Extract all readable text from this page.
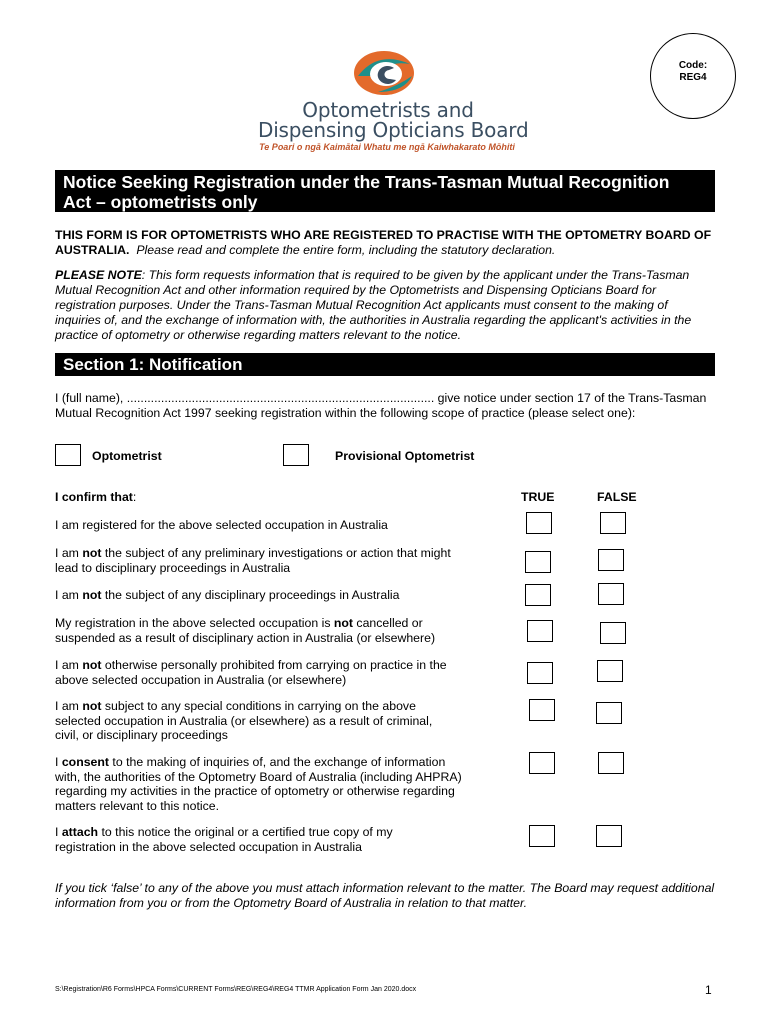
Code:
REG4
Optometrists and
Dispensing Opticians Board
Te Poari o ngā Kaimātai Whatu me ngā Kaiwhakarato Mōhiti
Notice Seeking Registration under the Trans-Tasman Mutual Recognition
Act – optometrists only
THIS FORM IS FOR OPTOMETRISTS WHO ARE REGISTERED TO PRACTISE WITH THE OPTOMETRY BOARD OF AUSTRALIA. Please read and complete the entire form, including the statutory declaration.
PLEASE NOTE: This form requests information that is required to be given by the applicant under the Trans-Tasman Mutual Recognition Act and other information required by the Optometrists and Dispensing Opticians Board for registration purposes. Under the Trans-Tasman Mutual Recognition Act applicants must consent to the making of inquiries of, and the exchange of information with, the authorities in Australia regarding the applicant's activities in the practice of optometry or otherwise regarding matters relevant to the notice.
Section 1: Notification
I (full name), .......................................................................................... give notice under section 17 of the Trans-Tasman Mutual Recognition Act 1997 seeking registration within the following scope of practice (please select one):
Optometrist	Provisional Optometrist
I confirm that:	TRUE	FALSE
I am registered for the above selected occupation in Australia
I am not the subject of any preliminary investigations or action that might lead to disciplinary proceedings in Australia
I am not the subject of any disciplinary proceedings in Australia
My registration in the above selected occupation is not cancelled or suspended as a result of disciplinary action in Australia (or elsewhere)
I am not otherwise personally prohibited from carrying on practice in the above selected occupation in Australia (or elsewhere)
I am not subject to any special conditions in carrying on the above selected occupation in Australia (or elsewhere) as a result of criminal, civil, or disciplinary proceedings
I consent to the making of inquiries of, and the exchange of information with, the authorities of the Optometry Board of Australia (including AHPRA) regarding my activities in the practice of optometry or otherwise regarding matters relevant to this notice.
I attach to this notice the original or a certified true copy of my registration in the above selected occupation in Australia
If you tick ‘false’ to any of the above you must attach information relevant to the matter. The Board may request additional information from you or from the Optometry Board of Australia in relation to that matter.
S:\Registration\R6 Forms\HPCA Forms\CURRENT Forms\REG\REG4\REG4 TTMR Application Form Jan 2020.docx	1
